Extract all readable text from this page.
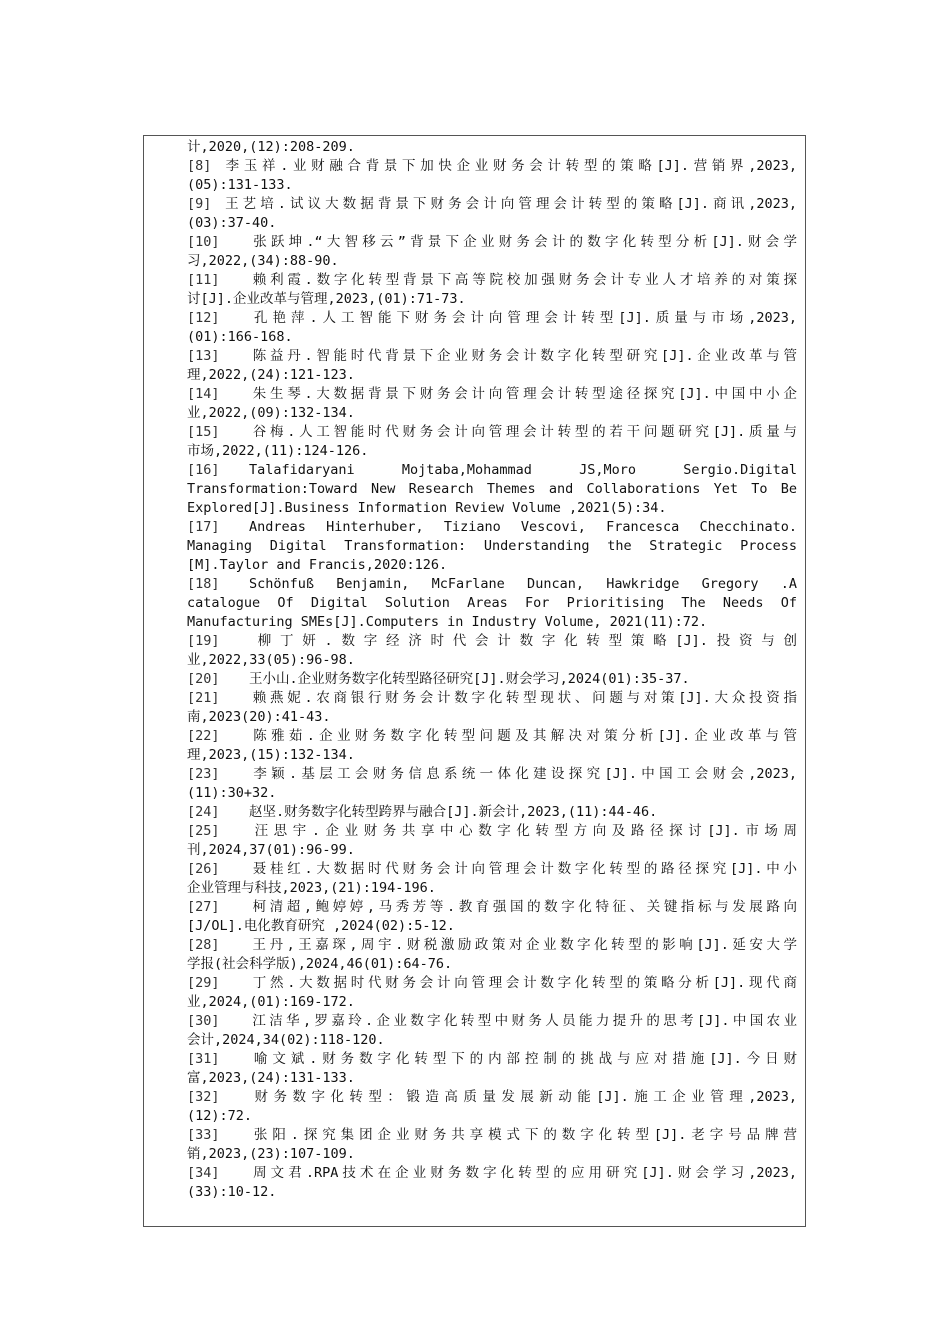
计,2020,(12):208-209.
[8] 李玉祥.业财融合背景下加快企业财务会计转型的策略[J].营销界,2023,
(05):131-133.
[9] 王艺培.试议大数据背景下财务会计向管理会计转型的策略[J].商讯,2023,
(03):37-40.
[10] 张跃坤.“大智移云”背景下企业财务会计的数字化转型分析[J].财会学
习,2022,(34):88-90.
[11] 赖利霞.数字化转型背景下高等院校加强财务会计专业人才培养的对策探
讨[J].企业改革与管理,2023,(01):71-73.
[12] 孔艳萍.人工智能下财务会计向管理会计转型[J].质量与市场,2023,
(01):166-168.
[13] 陈益丹.智能时代背景下企业财务会计数字化转型研究[J].企业改革与管
理,2022,(24):121-123.
[14] 朱生琴.大数据背景下财务会计向管理会计转型途径探究[J].中国中小企
业,2022,(09):132-134.
[15] 谷梅.人工智能时代财务会计向管理会计转型的若干问题研究[J].质量与
市场,2022,(11):124-126.
[16] Talafidaryani Mojtaba,Mohammad JS,Moro Sergio.Digital
Transformation:Toward New Research Themes and Collaborations Yet To Be
Explored[J].Business Information Review Volume ,2021(5):34.
[17] Andreas Hinterhuber, Tiziano Vescovi, Francesca Checchinato.
Managing Digital Transformation: Understanding the Strategic Process
[M].Taylor and Francis,2020:126.
[18] Schönfuß Benjamin, McFarlane Duncan, Hawkridge Gregory .A
catalogue Of Digital Solution Areas For Prioritising The Needs Of
Manufacturing SMEs[J].Computers in Industry Volume, 2021(11):72.
[19] 柳丁妍.数字经济时代会计数字化转型策略[J].投资与创
业,2022,33(05):96-98.
[20] 王小山.企业财务数字化转型路径研究[J].财会学习,2024(01):35-37.
[21] 赖燕妮.农商银行财务会计数字化转型现状、问题与对策[J].大众投资指
南,2023(20):41-43.
[22] 陈雅茹.企业财务数字化转型问题及其解决对策分析[J].企业改革与管
理,2023,(15):132-134.
[23] 李颖.基层工会财务信息系统一体化建设探究[J].中国工会财会,2023,
(11):30+32.
[24] 赵坚.财务数字化转型跨界与融合[J].新会计,2023,(11):44-46.
[25] 汪思宇.企业财务共享中心数字化转型方向及路径探讨[J].市场周
刊,2024,37(01):96-99.
[26] 聂桂红.大数据时代财务会计向管理会计数字化转型的路径探究[J].中小
企业管理与科技,2023,(21):194-196.
[27] 柯清超,鲍婷婷,马秀芳等.教育强国的数字化特征、关键指标与发展路向
[J/OL].电化教育研究 ,2024(02):5-12.
[28] 王丹,王嘉琛,周宇.财税激励政策对企业数字化转型的影响[J].延安大学
学报(社会科学版),2024,46(01):64-76.
[29] 丁然.大数据时代财务会计向管理会计数字化转型的策略分析[J].现代商
业,2024,(01):169-172.
[30] 江洁华,罗嘉玲.企业数字化转型中财务人员能力提升的思考[J].中国农业
会计,2024,34(02):118-120.
[31] 喻文斌.财务数字化转型下的内部控制的挑战与应对措施[J].今日财
富,2023,(24):131-133.
[32] 财务数字化转型：锻造高质量发展新动能[J].施工企业管理,2023,
(12):72.
[33] 张阳.探究集团企业财务共享模式下的数字化转型[J].老字号品牌营
销,2023,(23):107-109.
[34] 周文君.RPA技术在企业财务数字化转型的应用研究[J].财会学习,2023,
(33):10-12.
